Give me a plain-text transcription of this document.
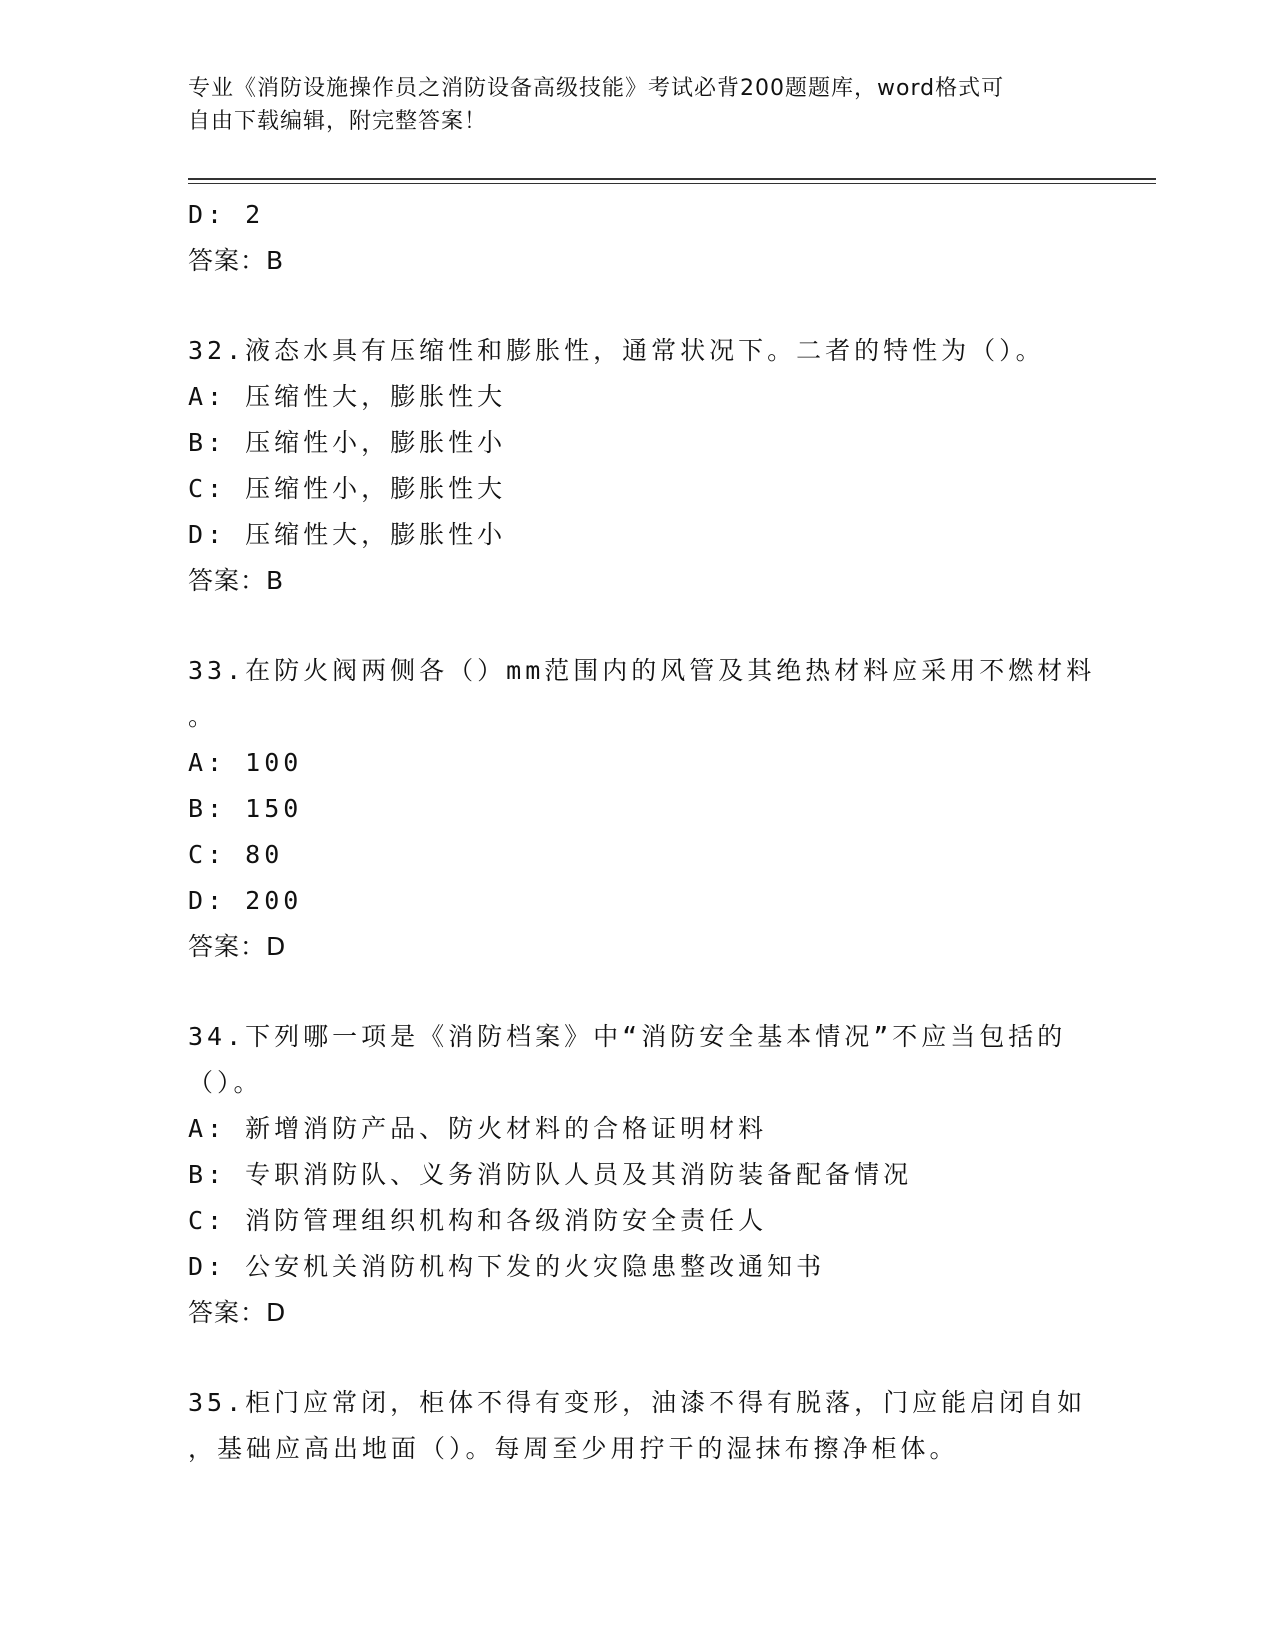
专业《消防设施操作员之消防设备高级技能》考试必背200题题库，word格式可
自由下载编辑，附完整答案！
D: 2
答案：B
32.液态水具有压缩性和膨胀性，通常状况下。二者的特性为（）。
A: 压缩性大，膨胀性大
B: 压缩性小，膨胀性小
C: 压缩性小，膨胀性大
D: 压缩性大，膨胀性小
答案：B
33.在防火阀两侧各（）mm范围内的风管及其绝热材料应采用不燃材料
。
A: 100
B: 150
C: 80
D: 200
答案：D
34.下列哪一项是《消防档案》中“消防安全基本情况”不应当包括的
（）。
A: 新增消防产品、防火材料的合格证明材料
B: 专职消防队、义务消防队人员及其消防装备配备情况
C: 消防管理组织机构和各级消防安全责任人
D: 公安机关消防机构下发的火灾隐患整改通知书
答案：D
35.柜门应常闭，柜体不得有变形，油漆不得有脱落，门应能启闭自如
，基础应高出地面（）。每周至少用拧干的湿抹布擦净柜体。
